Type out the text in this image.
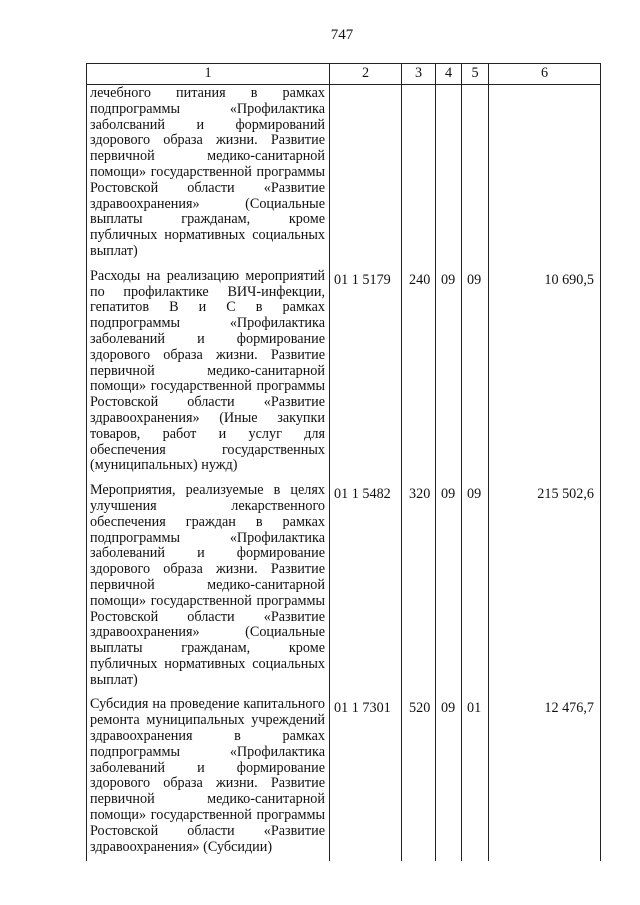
747
1	2	3	4	5	6
лечебного питания в рамках подпрограммы «Профилактика заболсваний и формирований здорового образа жизни. Развитие первичной медико-санитарной помощи» государственной программы Ростовской области «Развитие здравоохранения» (Социальные выплаты гражданам, кроме публичных нормативных социальных выплат)					
Расходы на реализацию мероприятий по профилактике ВИЧ-инфекции, гепатитов В и С в рамках подпрограммы «Профилактика заболеваний и формирование здорового образа жизни. Развитие первичной медико-санитарной помощи» государственной программы Ростовской области «Развитие здравоохранения» (Иные закупки товаров, работ и услуг для обеспечения государственных (муниципальных) нужд)	01 1 5179	240	09	09	10 690,5
Мероприятия, реализуемые в целях улучшения лекарственного обеспечения граждан в рамках подпрограммы «Профилактика заболеваний и формирование здорового образа жизни. Развитие первичной медико-санитарной помощи» государственной программы Ростовской области «Развитие здравоохранения» (Социальные выплаты гражданам, кроме публичных нормативных социальных выплат)	01 1 5482	320	09	09	215 502,6
Субсидия на проведение капитального ремонта муниципальных учреждений здравоохранения в рамках подпрограммы «Профилактика заболеваний и формирование здорового образа жизни. Развитие первичной медико-санитарной помощи» государственной программы Ростовской области «Развитие здравоохранения» (Субсидии)	01 1 7301	520	09	01	12 476,7
